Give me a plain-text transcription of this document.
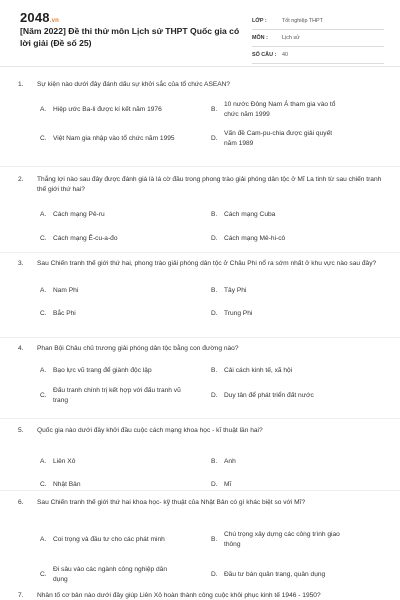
2048.vn
[Năm 2022] Đề thi thử môn Lịch sử THPT Quốc gia có lời giải (Đề số 25)
LỚP :	Tốt nghiệp THPT
MÔN :	Lịch sử
SỐ CÂU :	40
1.	Sự kiện nào dưới đây đánh dấu sự khởi sắc của tổ chức ASEAN?
A.	Hiệp ước Ba-li được kí kết năm 1976	B.
10 nước Đông Nam Á tham gia vào tổ chức năm 1999
C. Việt Nam gia nhập vào tổ chức năm 1995	D.
Vấn đề Cam-pu-chia được giải quyết năm 1989
2.	Thắng lợi nào sau đây được đánh giá là lá cờ đầu trong phong trào giải phóng dân tộc ở Mĩ La tinh từ sau chiến tranh thế giới thứ hai?
A.	Cách mạng Pê-ru	B.	Cách mạng Cuba
C. Cách mạng Ê-cu-a-đo	D. Cách mạng Mê-hi-cô
3.	Sau Chiến tranh thế giới thứ hai, phong trào giải phóng dân tộc ở Châu Phi nổ ra sớm nhất ở khu vực nào sau đây?
A.	Nam Phi	B.	Tây Phi
C. Bắc Phi	D. Trung Phi
4.	Phan Bội Châu chủ trương giải phóng dân tộc bằng con đường nào?
A.	Bạo lực vũ trang để giành độc lập	B.	Cải cách kinh tế, xã hội
C.
Đấu tranh chính trị kết hợp với đấu tranh vũ trang
D. Duy tân để phát triển đất nước
5.	Quốc gia nào dưới đây khởi đầu cuộc cách mạng khoa học - kĩ thuật lần hai?
A.	Liên Xô	B.	Anh
C. Nhật Bản	D. Mĩ
6.	Sau Chiến tranh thế giới thứ hai khoa học- kỹ thuật của Nhật Bản có gì khác biệt so với Mĩ?
A.	Coi trọng và đầu tư cho các phát minh	B.
Chú trọng xây dựng các công trình giao thông
C.
Đi sâu vào các ngành công nghiệp dân dụng
D. Đầu tư bán quân trang, quân dụng
7.	Nhân tố cơ bản nào dưới đây giúp Liên Xô hoàn thành công cuộc khôi phục kinh tế 1946 - 1950?
